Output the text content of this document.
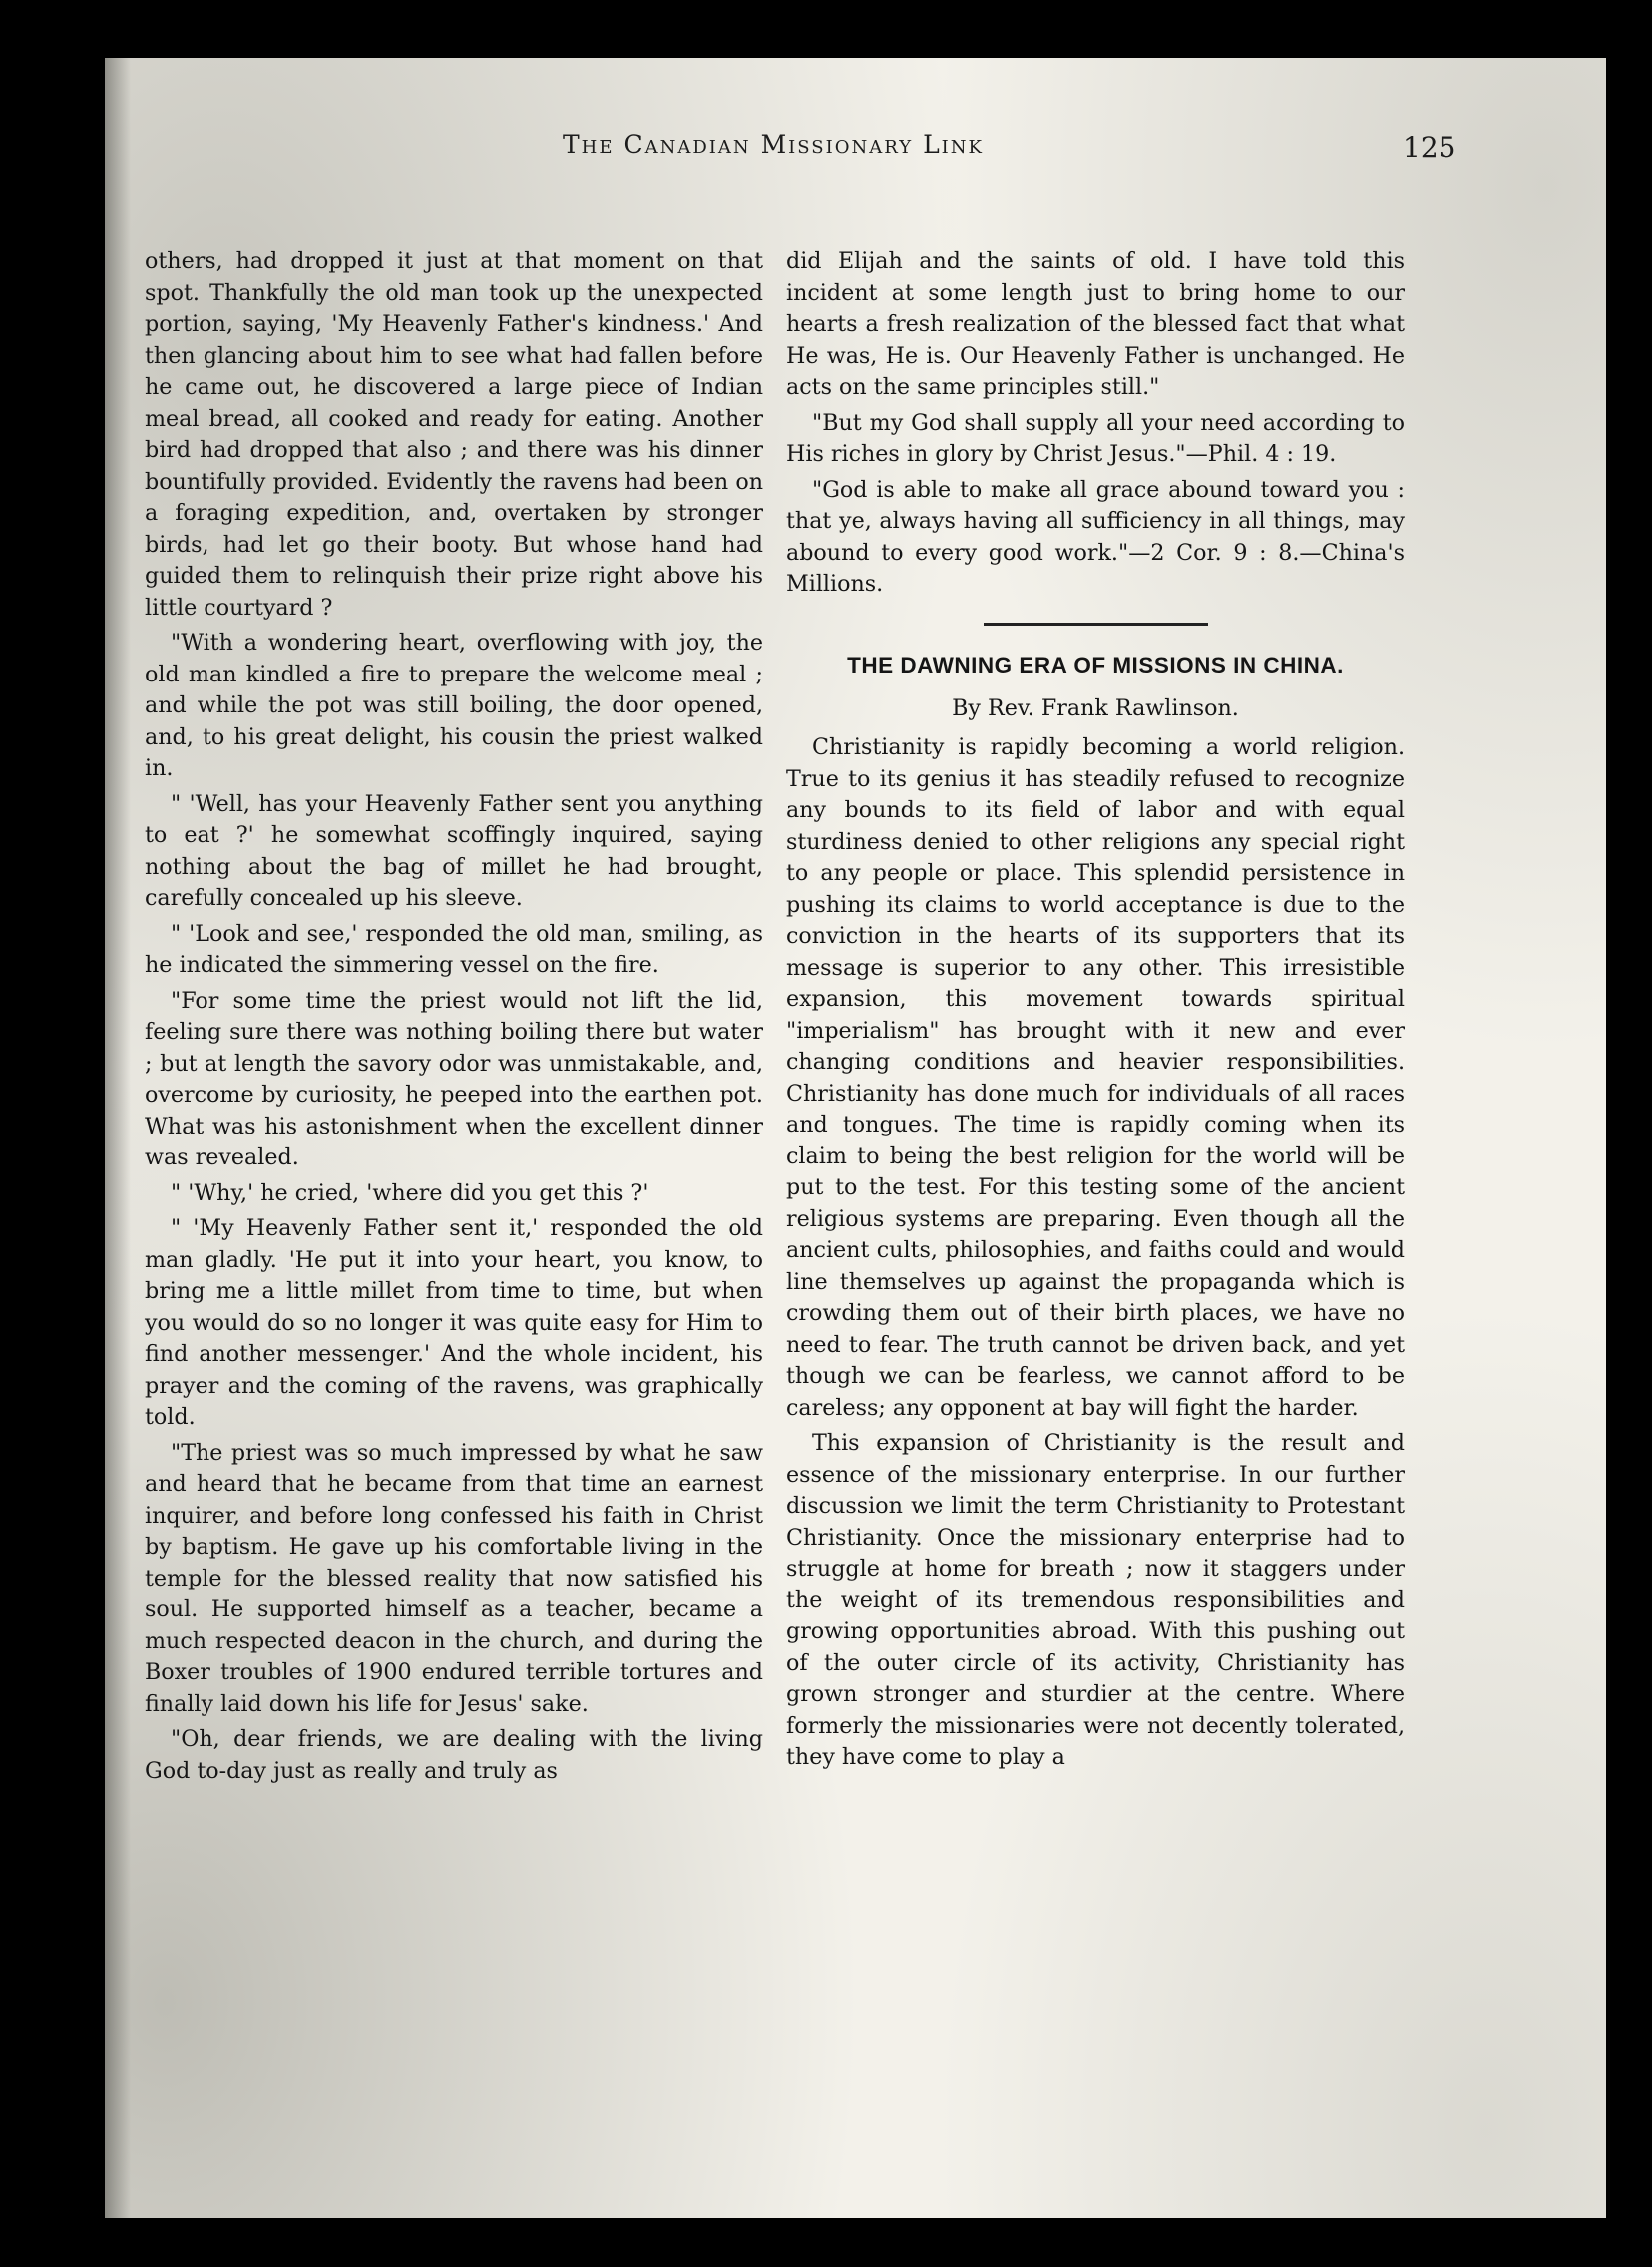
The Canadian Missionary Link	125

others, had dropped it just at that moment on that spot. Thankfully the old man took up the unexpected portion, saying, 'My Heavenly Father's kindness.' And then glancing about him to see what had fallen before he came out, he discovered a large piece of Indian meal bread, all cooked and ready for eating. Another bird had dropped that also ; and there was his dinner bountifully provided. Evidently the ravens had been on a foraging expedition, and, overtaken by stronger birds, had let go their booty. But whose hand had guided them to relinquish their prize right above his little courtyard ?

"With a wondering heart, overflowing with joy, the old man kindled a fire to prepare the welcome meal ; and while the pot was still boiling, the door opened, and, to his great delight, his cousin the priest walked in.

" 'Well, has your Heavenly Father sent you anything to eat ?' he somewhat scoffingly inquired, saying nothing about the bag of millet he had brought, carefully concealed up his sleeve.

" 'Look and see,' responded the old man, smiling, as he indicated the simmering vessel on the fire.

"For some time the priest would not lift the lid, feeling sure there was nothing boiling there but water ; but at length the savory odor was unmistakable, and, overcome by curiosity, he peeped into the earthen pot. What was his astonishment when the excellent dinner was revealed.

" 'Why,' he cried, 'where did you get this ?'

" 'My Heavenly Father sent it,' responded the old man gladly. 'He put it into your heart, you know, to bring me a little millet from time to time, but when you would do so no longer it was quite easy for Him to find another messenger.' And the whole incident, his prayer and the coming of the ravens, was graphically told.

"The priest was so much impressed by what he saw and heard that he became from that time an earnest inquirer, and before long confessed his faith in Christ by baptism. He gave up his comfortable living in the temple for the blessed reality that now satisfied his soul. He supported himself as a teacher, became a much respected deacon in the church, and during the Boxer troubles of 1900 endured terrible tortures and finally laid down his life for Jesus' sake.

"Oh, dear friends, we are dealing with the living God to-day just as really and truly as

did Elijah and the saints of old. I have told this incident at some length just to bring home to our hearts a fresh realization of the blessed fact that what He was, He is. Our Heavenly Father is unchanged. He acts on the same principles still."

"But my God shall supply all your need according to His riches in glory by Christ Jesus."—Phil. 4 : 19.

"God is able to make all grace abound toward you : that ye, always having all sufficiency in all things, may abound to every good work."—2 Cor. 9 : 8.—China's Millions.

THE DAWNING ERA OF MISSIONS IN CHINA.
By Rev. Frank Rawlinson.

Christianity is rapidly becoming a world religion. True to its genius it has steadily refused to recognize any bounds to its field of labor and with equal sturdiness denied to other religions any special right to any people or place. This splendid persistence in pushing its claims to world acceptance is due to the conviction in the hearts of its supporters that its message is superior to any other. This irresistible expansion, this movement towards spiritual "imperialism" has brought with it new and ever changing conditions and heavier responsibilities. Christianity has done much for individuals of all races and tongues. The time is rapidly coming when its claim to being the best religion for the world will be put to the test. For this testing some of the ancient religious systems are preparing. Even though all the ancient cults, philosophies, and faiths could and would line themselves up against the propaganda which is crowding them out of their birth places, we have no need to fear. The truth cannot be driven back, and yet though we can be fearless, we cannot afford to be careless; any opponent at bay will fight the harder.

This expansion of Christianity is the result and essence of the missionary enterprise. In our further discussion we limit the term Christianity to Protestant Christianity. Once the missionary enterprise had to struggle at home for breath ; now it staggers under the weight of its tremendous responsibilities and growing opportunities abroad. With this pushing out of the outer circle of its activity, Christianity has grown stronger and sturdier at the centre. Where formerly the missionaries were not decently tolerated, they have come to play a
